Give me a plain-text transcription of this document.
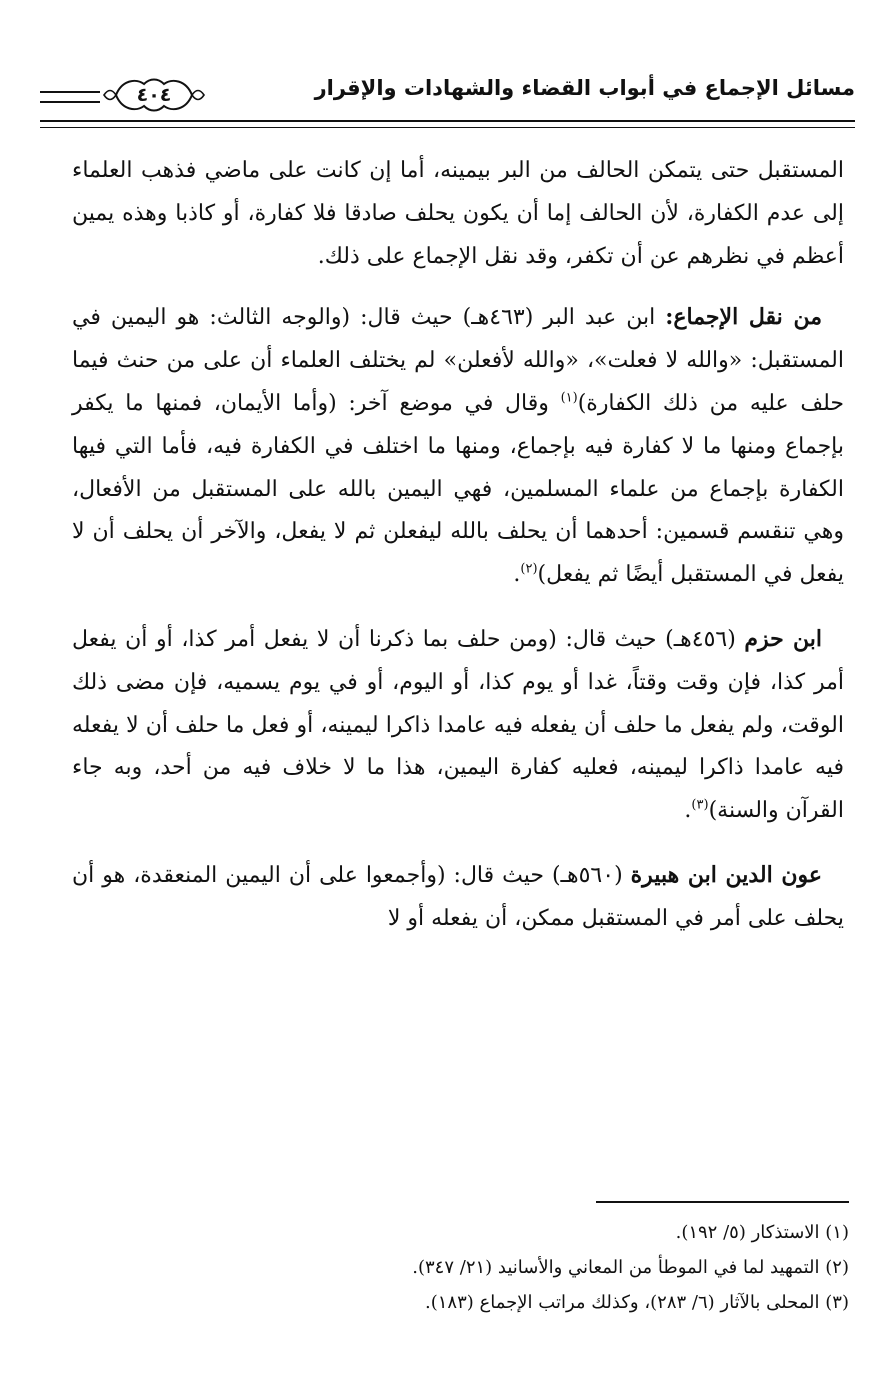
مسائل الإجماع في أبواب القضاء والشهادات والإقرار
٤٠٤

المستقبل حتى يتمكن الحالف من البر بيمينه، أما إن كانت على ماضي فذهب العلماء إلى عدم الكفارة، لأن الحالف إما أن يكون يحلف صادقا فلا كفارة، أو كاذبا وهذه يمين أعظم في نظرهم عن أن تكفر، وقد نقل الإجماع على ذلك.

من نقل الإجماع: ابن عبد البر (٤٦٣هـ) حيث قال: (والوجه الثالث: هو اليمين في المستقبل: «والله لا فعلت»، «والله لأفعلن» لم يختلف العلماء أن على من حنث فيما حلف عليه من ذلك الكفارة)$^{(١)}$ وقال في موضع آخر: (وأما الأيمان، فمنها ما يكفر بإجماع ومنها ما لا كفارة فيه بإجماع، ومنها ما اختلف في الكفارة فيه، فأما التي فيها الكفارة بإجماع من علماء المسلمين، فهي اليمين بالله على المستقبل من الأفعال، وهي تنقسم قسمين: أحدهما أن يحلف بالله ليفعلن ثم لا يفعل، والآخر أن يحلف أن لا يفعل في المستقبل أيضًا ثم يفعل)$^{(٢)}$.

ابن حزم (٤٥٦هـ) حيث قال: (ومن حلف بما ذكرنا أن لا يفعل أمر كذا، أو أن يفعل أمر كذا، فإن وقت وقتاً، غدا أو يوم كذا، أو اليوم، أو في يوم يسميه، فإن مضى ذلك الوقت، ولم يفعل ما حلف أن يفعله فيه عامدا ذاكرا ليمينه، أو فعل ما حلف أن لا يفعله فيه عامدا ذاكرا ليمينه، فعليه كفارة اليمين، هذا ما لا خلاف فيه من أحد، وبه جاء القرآن والسنة)$^{(٣)}$.

عون الدين ابن هبيرة (٥٦٠هـ) حيث قال: (وأجمعوا على أن اليمين المنعقدة، هو أن يحلف على أمر في المستقبل ممكن، أن يفعله أو لا

(١) الاستذكار (٥/ ١٩٢).

(٢) التمهيد لما في الموطأ من المعاني والأسانيد (٢١/ ٣٤٧).

(٣) المحلى بالآثار (٦/ ٢٨٣)، وكذلك مراتب الإجماع (١٨٣).
